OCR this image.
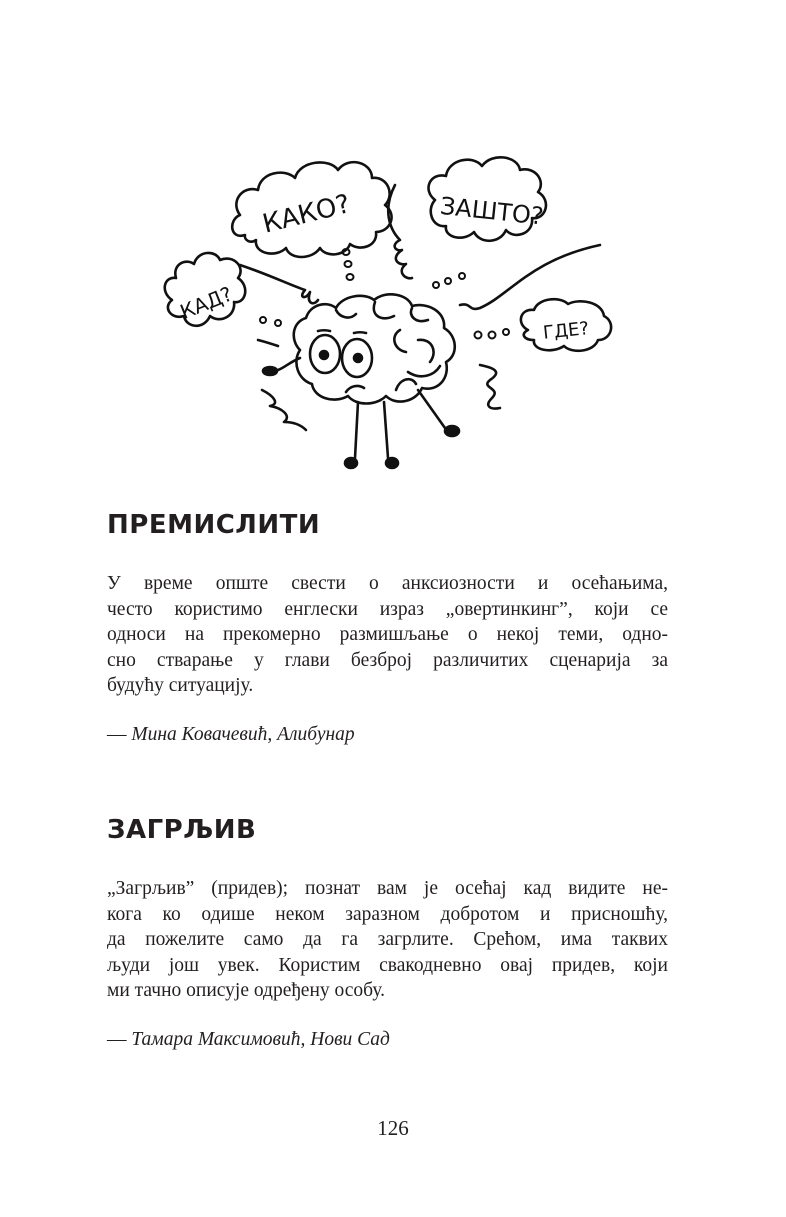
КАКО?	ЗАШТО?
КАД?
ГДЕ?
ПРЕМИСЛИТИ
У време опште свести о анксиозности и осећањима,
често користимо енглески израз „овертинкинг”, који се
односи на прекомерно размишљање о некој теми, одно-
сно стварање у глави безброј различитих сценарија за
будућу ситуацију.

— Мина Ковачевић, Алибунар

ЗАГРЉИВ
„Загрљив” (придев); познат вам је осећај кад видите не-
кога ко одише неком заразном добротом и присношћу,
да пожелите само да га загрлите. Срећом, има таквих
људи још увек. Користим свакодневно овај придев, који
ми тачно описује одређену особу.

— Тамара Максимовић, Нови Сад

126
